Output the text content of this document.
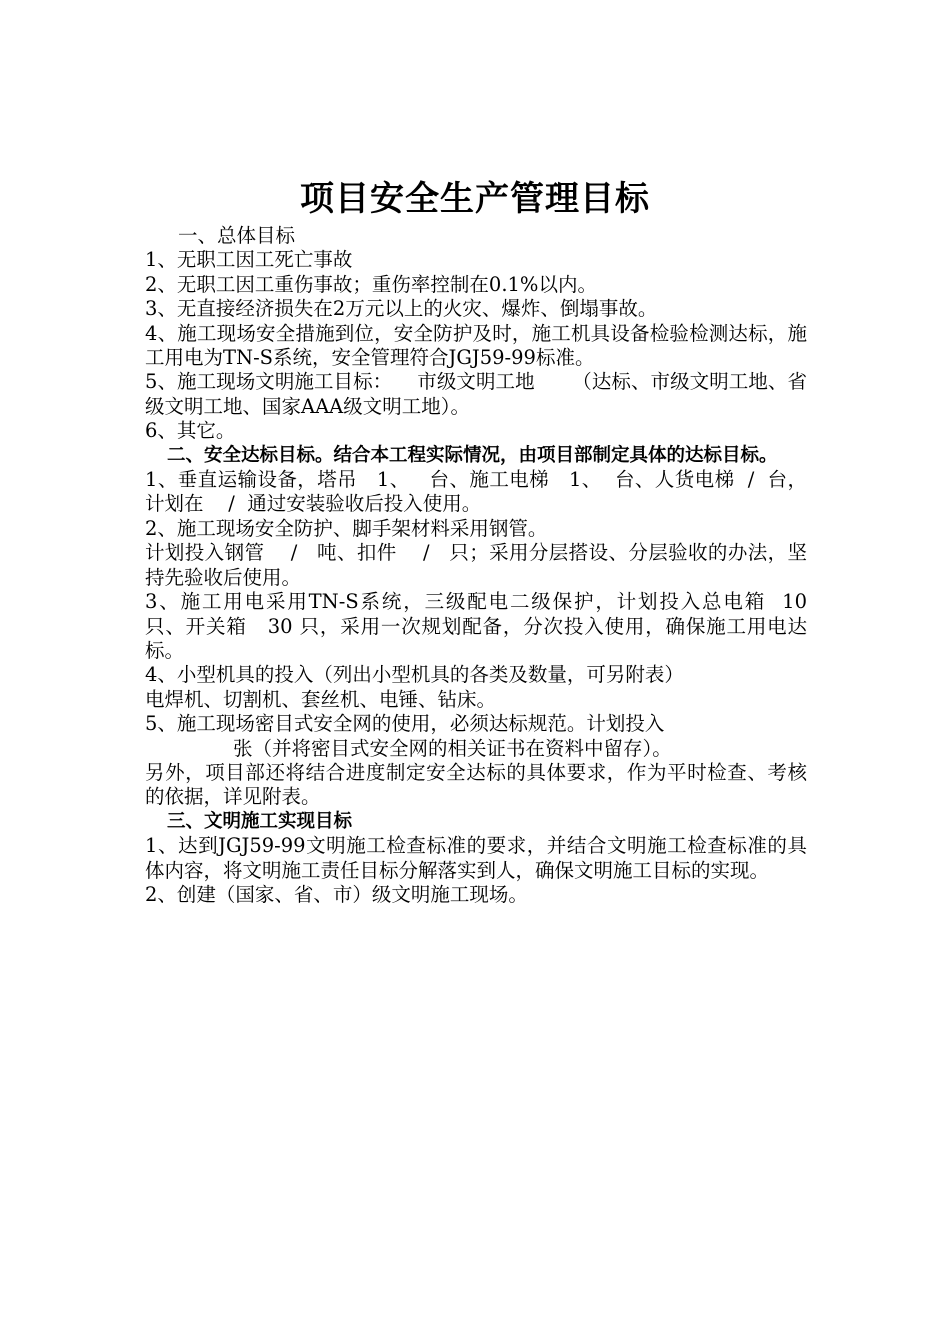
项目安全生产管理目标

一、总体目标

1、无职工因工死亡事故

2、无职工因工重伤事故；重伤率控制在0.1%以内。

3、无直接经济损失在2万元以上的火灾、爆炸、倒塌事故。

4、施工现场安全措施到位，安全防护及时，施工机具设备检验检测达标，施工用电为TN-S系统，安全管理符合JGJ59-99标准。

5、施工现场文明施工目标：    市级文明工地      （达标、市级文明工地、省级文明工地、国家AAA级文明工地）。

6、其它。

二、安全达标目标。结合本工程实际情况，由项目部制定具体的达标目标。

1、垂直运输设备，塔吊   1、   台、施工电梯   1、  台、人货电梯  /  台，计划在    /  通过安装验收后投入使用。

2、施工现场安全防护、脚手架材料采用钢管。

计划投入钢管    /   吨、扣件    /   只；采用分层搭设、分层验收的办法，坚持先验收后使用。

3、施工用电采用TN-S系统，三级配电二级保护，计划投入总电箱  10   只、开关箱   30 只，采用一次规划配备，分次投入使用，确保施工用电达标。

4、小型机具的投入（列出小型机具的各类及数量，可另附表）

电焊机、切割机、套丝机、电锤、钻床。

5、施工现场密目式安全网的使用，必须达标规范。计划投入

张（并将密目式安全网的相关证书在资料中留存）。

另外，项目部还将结合进度制定安全达标的具体要求，作为平时检查、考核的依据，详见附表。

三、文明施工实现目标

1、达到JGJ59-99文明施工检查标准的要求，并结合文明施工检查标准的具体内容，将文明施工责任目标分解落实到人，确保文明施工目标的实现。

2、创建（国家、省、市）级文明施工现场。
